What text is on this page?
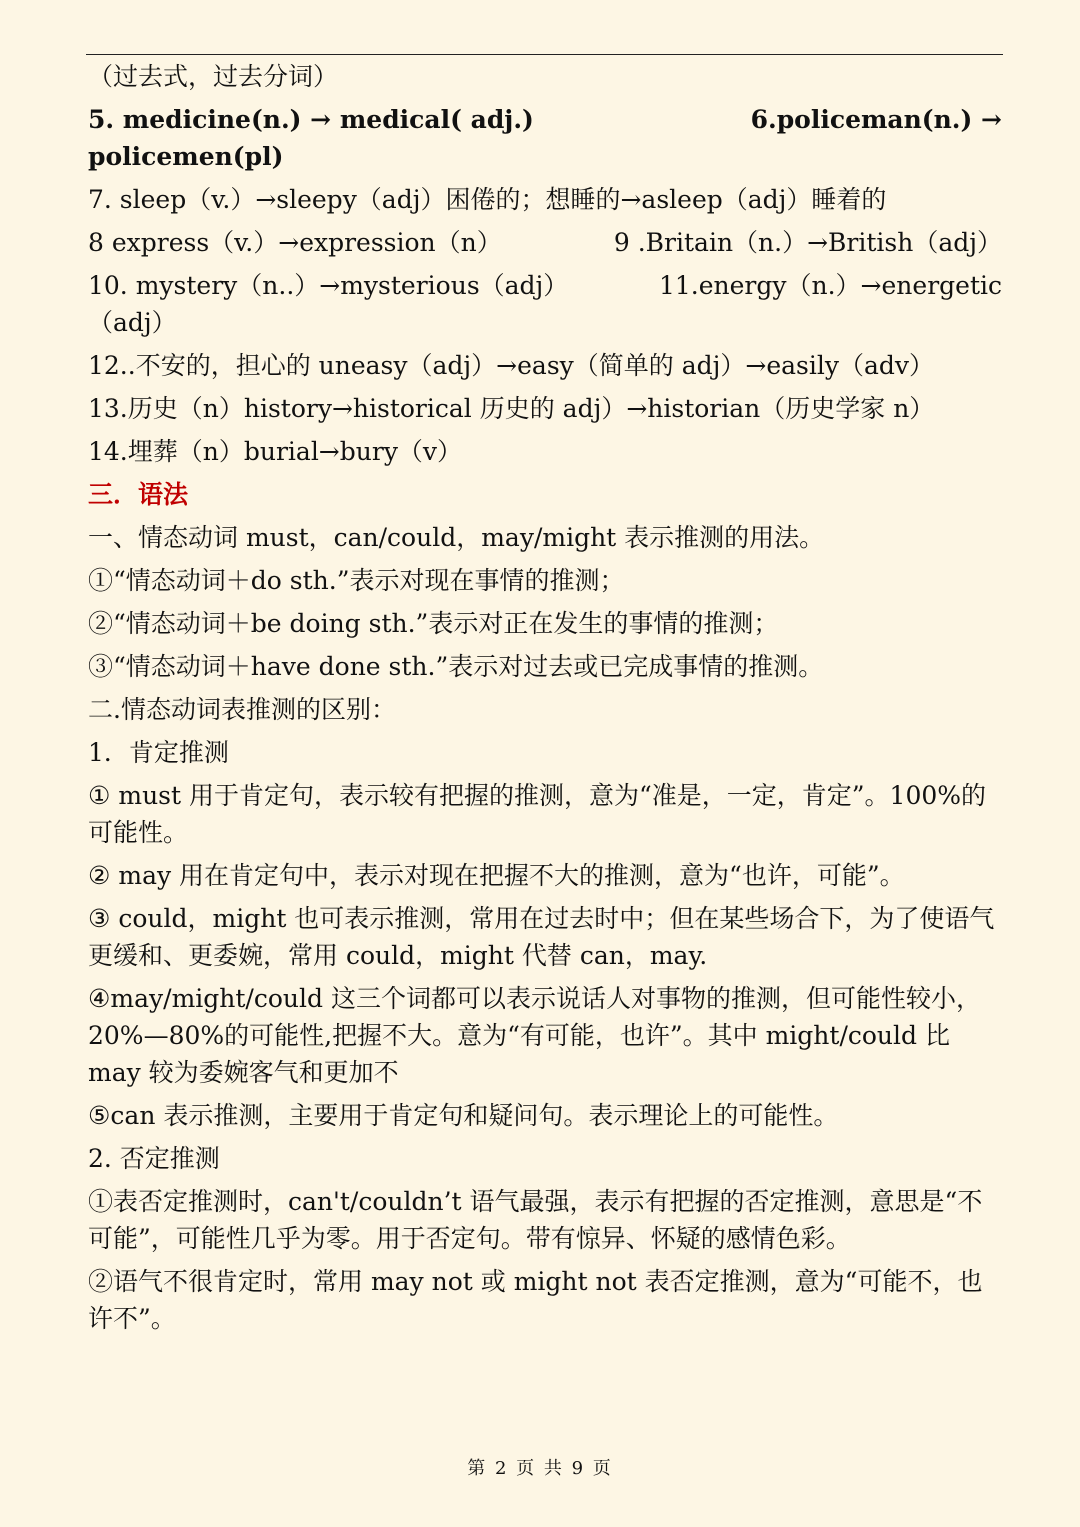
（过去式，过去分词）
5. medicine(n.) → medical( adj.)	6.policeman(n.) →
policemen(pl)
7. sleep（v.）→sleepy（adj）困倦的；想睡的→asleep（adj）睡着的
8 express（v.）→expression（n）	9 .Britain（n.）→British（adj）
10. mystery（n..）→mysterious（adj）	11.energy（n.）→energetic
（adj）
12..不安的，担心的 uneasy（adj）→easy（简单的 adj）→easily（adv）
13.历史（n）history→historical 历史的 adj）→historian（历史学家 n）
14.埋葬（n）burial→bury（v）
三．语法
一、情态动词 must，can/could，may/might 表示推测的用法。
①“情态动词＋do sth.”表示对现在事情的推测；
②“情态动词＋be doing sth.”表示对正在发生的事情的推测；
③“情态动词＋have done sth.”表示对过去或已完成事情的推测。
二.情态动词表推测的区别：
1．肯定推测
① must 用于肯定句，表示较有把握的推测，意为“准是，一定，肯定”。100%的可能性。
② may 用在肯定句中，表示对现在把握不大的推测，意为“也许，可能”。
③ could，might 也可表示推测，常用在过去时中；但在某些场合下，为了使语气更缓和、更委婉，常用 could，might 代替 can，may.
④may/might/could 这三个词都可以表示说话人对事物的推测，但可能性较小，20%—80%的可能性,把握不大。意为“有可能，也许”。其中 might/could 比 may 较为委婉客气和更加不
⑤can 表示推测，主要用于肯定句和疑问句。表示理论上的可能性。
2. 否定推测
①表否定推测时，can't/couldn’t 语气最强，表示有把握的否定推测，意思是“不可能”，可能性几乎为零。用于否定句。带有惊异、怀疑的感情色彩。
②语气不很肯定时，常用 may not 或 might not 表否定推测，意为“可能不，也许不”。
第 2 页 共 9 页
